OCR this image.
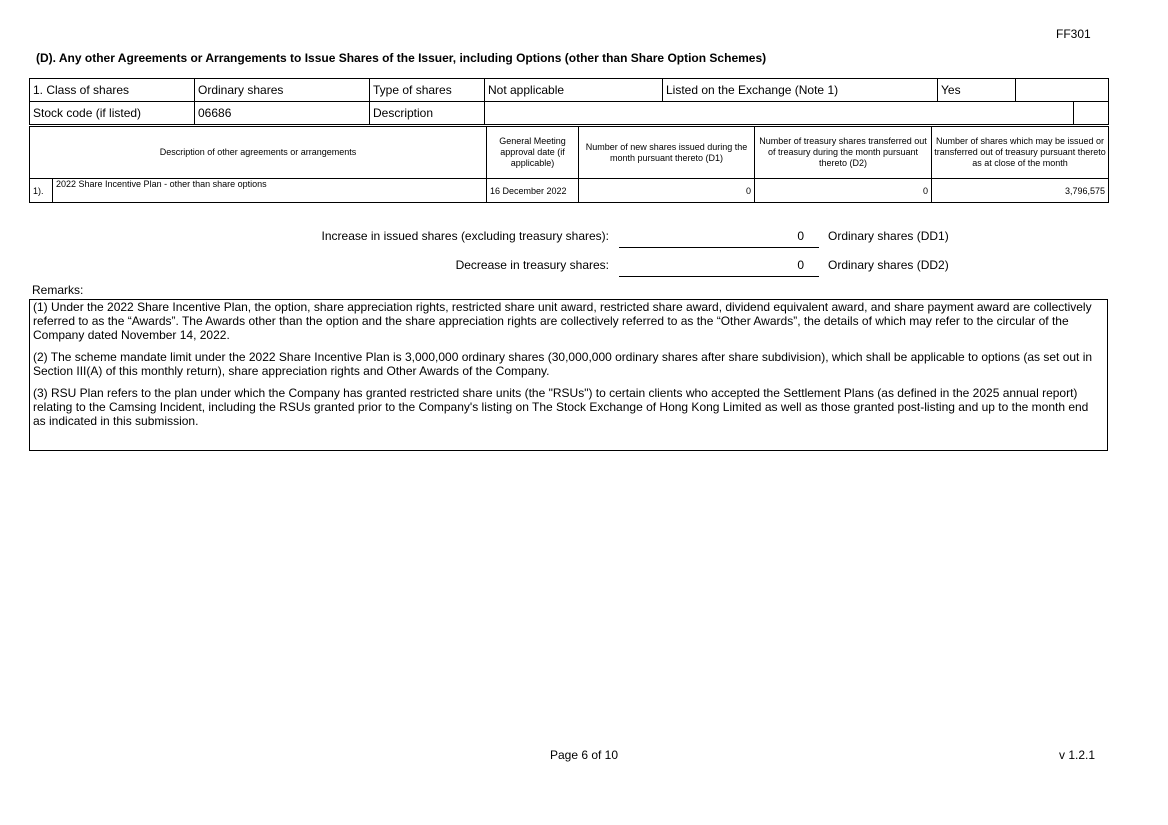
FF301
(D). Any other Agreements or Arrangements to Issue Shares of the Issuer, including Options (other than Share Option Schemes)
1. Class of shares	Ordinary shares	Type of shares	Not applicable	Listed on the Exchange (Note 1)	Yes		
Stock code (if listed)	06686	Description					
Description of other agreements or arrangements		General Meeting approval date (if applicable)	Number of new shares issued during the month pursuant thereto (D1)	Number of treasury shares transferred out of treasury during the month pursuant thereto (D2)	Number of shares which may be issued or transferred out of treasury pursuant thereto as at close of the month
1).	2022 Share Incentive Plan - other than share options	16 December 2022	0	0	3,796,575
Increase in issued shares (excluding treasury shares):	0 Ordinary shares (DD1)
Decrease in treasury shares:	0 Ordinary shares (DD2)
Remarks:

(1) Under the 2022 Share Incentive Plan, the option, share appreciation rights, restricted share unit award, restricted share award, dividend equivalent award, and share payment award are collectively referred to as the “Awards”. The Awards other than the option and the share appreciation rights are collectively referred to as the “Other Awards”, the details of which may refer to the circular of the Company dated November 14, 2022.

(2) The scheme mandate limit under the 2022 Share Incentive Plan is 3,000,000 ordinary shares (30,000,000 ordinary shares after share subdivision), which shall be applicable to options (as set out in Section III(A) of this monthly return), share appreciation rights and Other Awards of the Company.

(3) RSU Plan refers to the plan under which the Company has granted restricted share units (the "RSUs") to certain clients who accepted the Settlement Plans (as defined in the 2025 annual report) relating to the Camsing Incident, including the RSUs granted prior to the Company's listing on The Stock Exchange of Hong Kong Limited as well as those granted post-listing and up to the month end as indicated in this submission.

Page 6 of 10	v 1.2.1
